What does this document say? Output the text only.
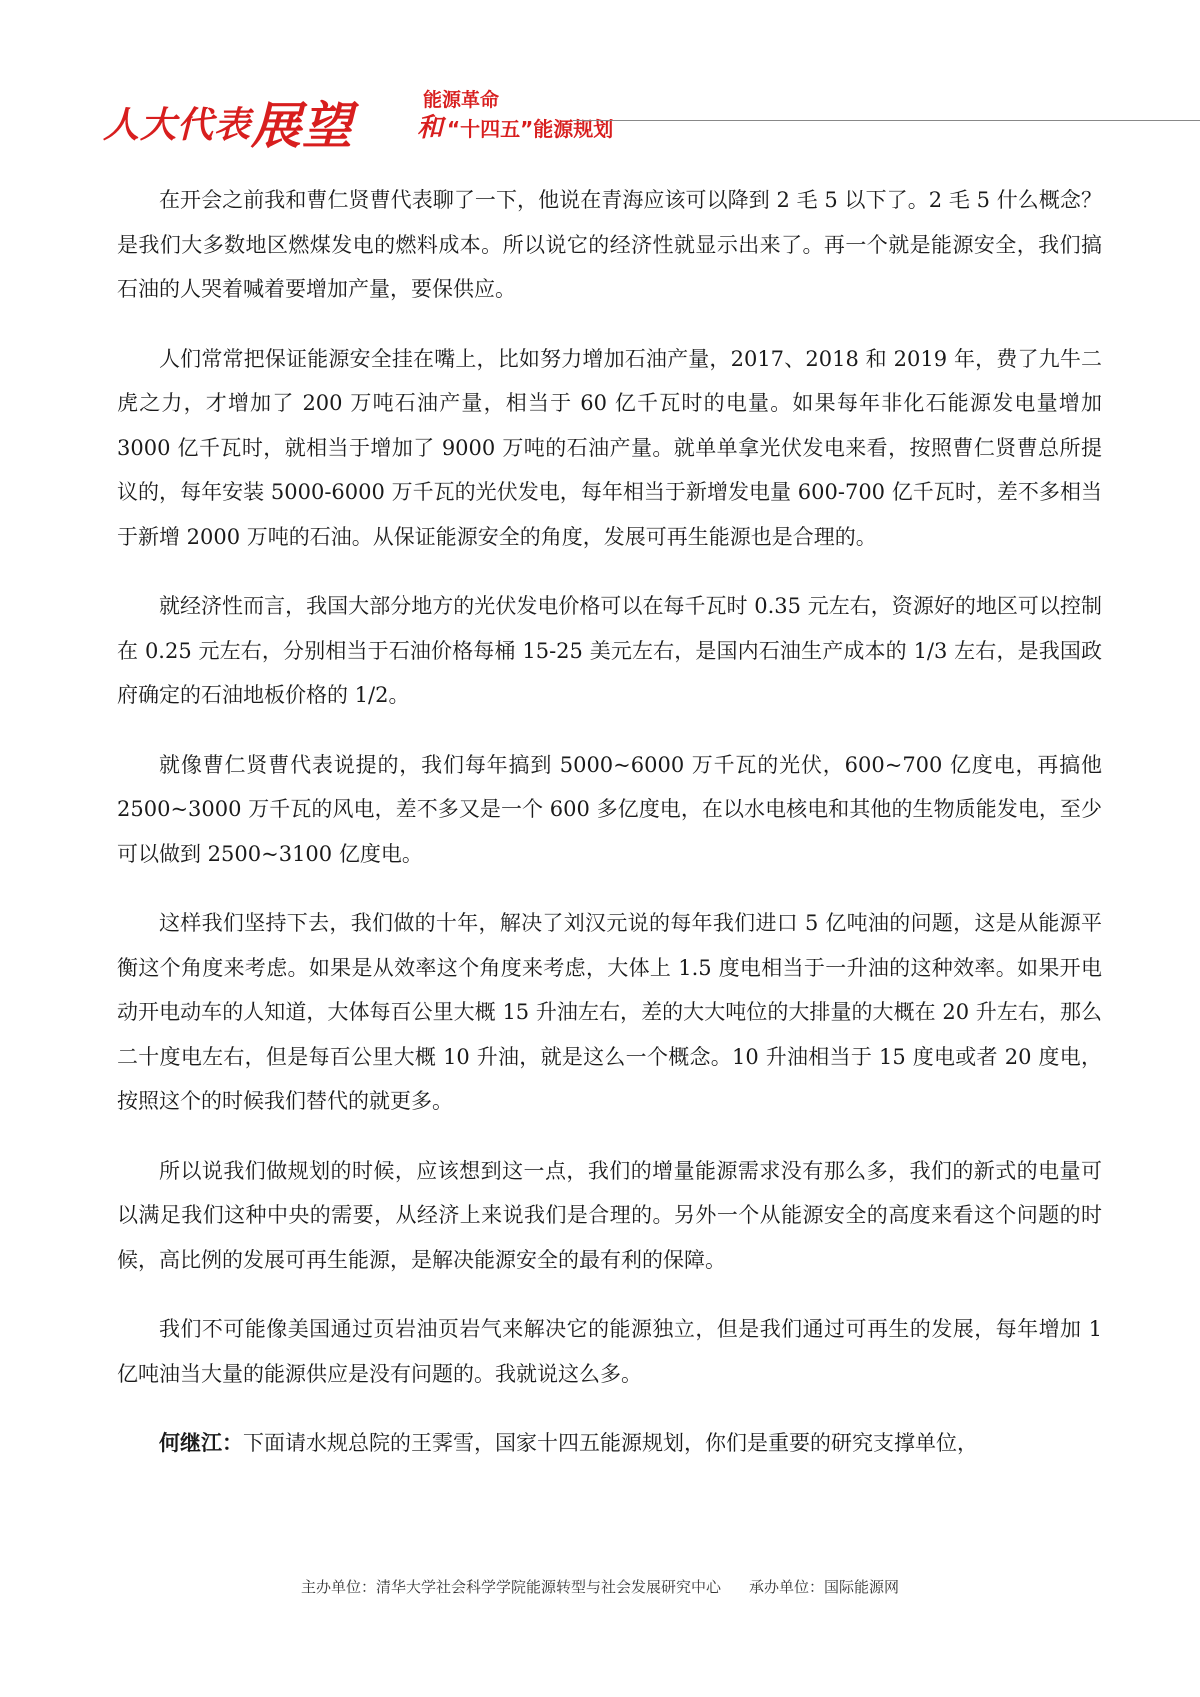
人大代表展望	能源革命
和 “十四五”能源规划

在开会之前我和曹仁贤曹代表聊了一下，他说在青海应该可以降到 2 毛 5 以下了。2 毛 5 什么概念？是我们大多数地区燃煤发电的燃料成本。所以说它的经济性就显示出来了。再一个就是能源安全，我们搞石油的人哭着喊着要增加产量，要保供应。

人们常常把保证能源安全挂在嘴上，比如努力增加石油产量，2017、2018 和 2019 年，费了九牛二虎之力，才增加了 200 万吨石油产量，相当于 60 亿千瓦时的电量。如果每年非化石能源发电量增加 3000 亿千瓦时，就相当于增加了 9000 万吨的石油产量。就单单拿光伏发电来看，按照曹仁贤曹总所提议的，每年安装 5000-6000 万千瓦的光伏发电，每年相当于新增发电量 600-700 亿千瓦时，差不多相当于新增 2000 万吨的石油。从保证能源安全的角度，发展可再生能源也是合理的。

就经济性而言，我国大部分地方的光伏发电价格可以在每千瓦时 0.35 元左右，资源好的地区可以控制在 0.25 元左右，分别相当于石油价格每桶 15-25 美元左右，是国内石油生产成本的 1/3 左右，是我国政府确定的石油地板价格的 1/2。

就像曹仁贤曹代表说提的，我们每年搞到 5000~6000 万千瓦的光伏，600~700 亿度电，再搞他 2500~3000 万千瓦的风电，差不多又是一个 600 多亿度电，在以水电核电和其他的生物质能发电，至少可以做到 2500~3100 亿度电。

这样我们坚持下去，我们做的十年，解决了刘汉元说的每年我们进口 5 亿吨油的问题，这是从能源平衡这个角度来考虑。如果是从效率这个角度来考虑，大体上 1.5 度电相当于一升油的这种效率。如果开电动开电动车的人知道，大体每百公里大概 15 升油左右，差的大大吨位的大排量的大概在 20 升左右，那么二十度电左右，但是每百公里大概 10 升油，就是这么一个概念。10 升油相当于 15 度电或者 20 度电，按照这个的时候我们替代的就更多。

所以说我们做规划的时候，应该想到这一点，我们的增量能源需求没有那么多，我们的新式的电量可以满足我们这种中央的需要，从经济上来说我们是合理的。另外一个从能源安全的高度来看这个问题的时候，高比例的发展可再生能源，是解决能源安全的最有利的保障。

我们不可能像美国通过页岩油页岩气来解决它的能源独立，但是我们通过可再生的发展，每年增加 1 亿吨油当大量的能源供应是没有问题的。我就说这么多。

何继江：下面请水规总院的王霁雪，国家十四五能源规划，你们是重要的研究支撑单位，

主办单位：清华大学社会科学学院能源转型与社会发展研究中心 承办单位：国际能源网
